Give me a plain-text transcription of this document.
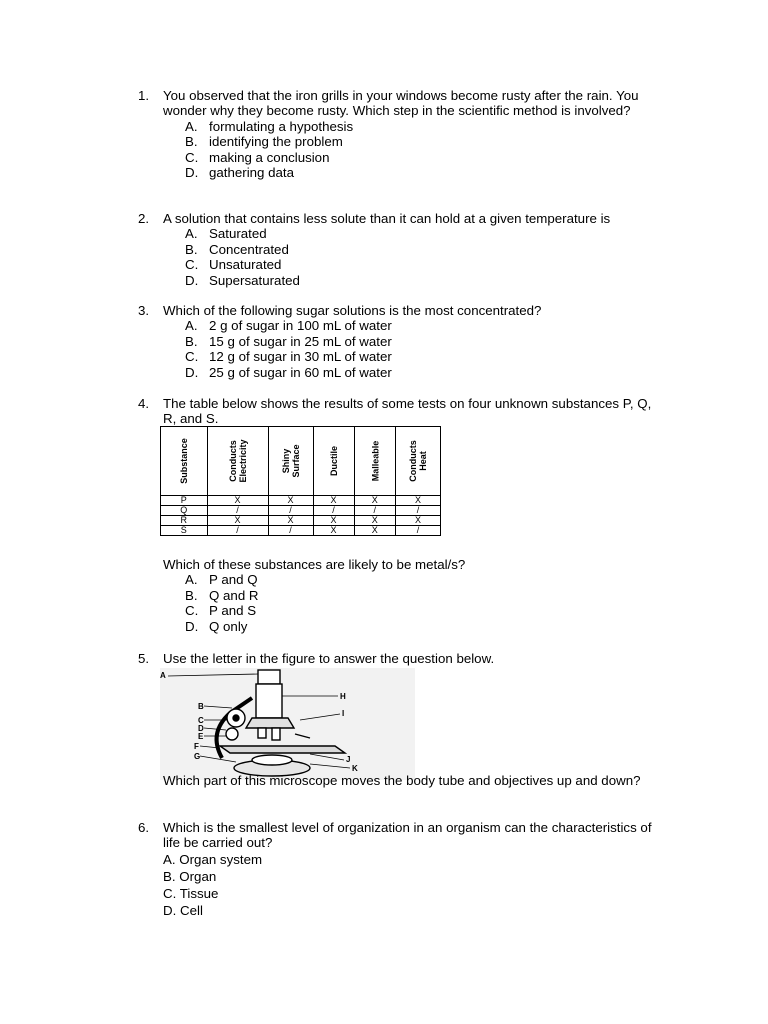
1. You observed that the iron grills in your windows become rusty after the rain. You wonder why they become rusty. Which step in the scientific method is involved?
A. formulating a hypothesis
B. identifying the problem
C. making a conclusion
D. gathering data
2. A solution that contains less solute than it can hold at a given temperature is
A. Saturated
B. Concentrated
C. Unsaturated
D. Supersaturated
3. Which of the following sugar solutions is the most concentrated?
A. 2 g of sugar in 100 mL of water
B. 15 g of sugar in 25 mL of water
C. 12 g of sugar in 30 mL of water
D. 25 g of sugar in 60 mL of water
4. The table below shows the results of some tests on four unknown substances P, Q, R, and S.
Substance	Conducts Electricity	Shiny Surface	Ductile	Malleable	Conducts Heat
P	X	X	X	X	X
Q	/	/	/	/	/
R	X	X	X	X	X
S	/	/	X	X	/
Which of these substances are likely to be metal/s?
A. P and Q
B. Q and R
C. P and S
D. Q only
5. Use the letter in the figure to answer the question below.
A
B
C
D
E
F
G
H
I
J
K
Which part of this microscope moves the body tube and objectives up and down?
6. Which is the smallest level of organization in an organism can the characteristics of life be carried out?
A. Organ system
B. Organ
C. Tissue
D. Cell
